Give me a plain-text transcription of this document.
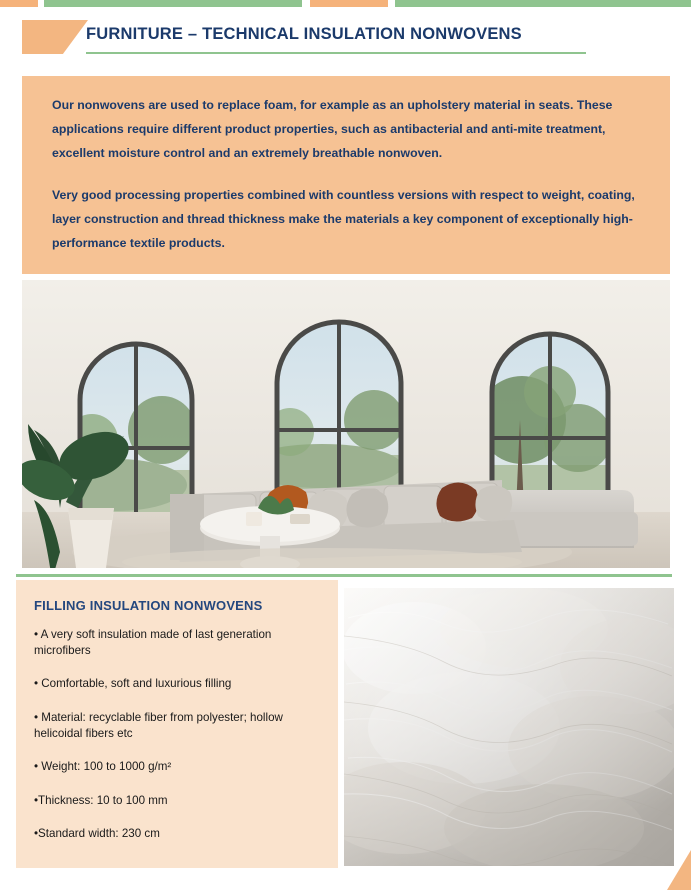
FURNITURE – TECHNICAL INSULATION NONWOVENS

Our nonwovens are used to replace foam, for example as an upholstery material in seats. These applications require different product properties, such as antibacterial and anti-mite treatment, excellent moisture control and an extremely breathable nonwoven.

Very good processing properties combined with countless versions with respect to weight, coating, layer construction and thread thickness make the materials a key component of exceptionally high-performance textile products.

FILLING INSULATION NONWOVENS
• A very soft insulation made of last generation microfibers
• Comfortable, soft and luxurious filling
• Material: recyclable fiber from polyester; hollow helicoidal fibers etc
• Weight: 100 to 1000 g/m²
•Thickness: 10 to 100 mm
•Standard width: 230 cm
